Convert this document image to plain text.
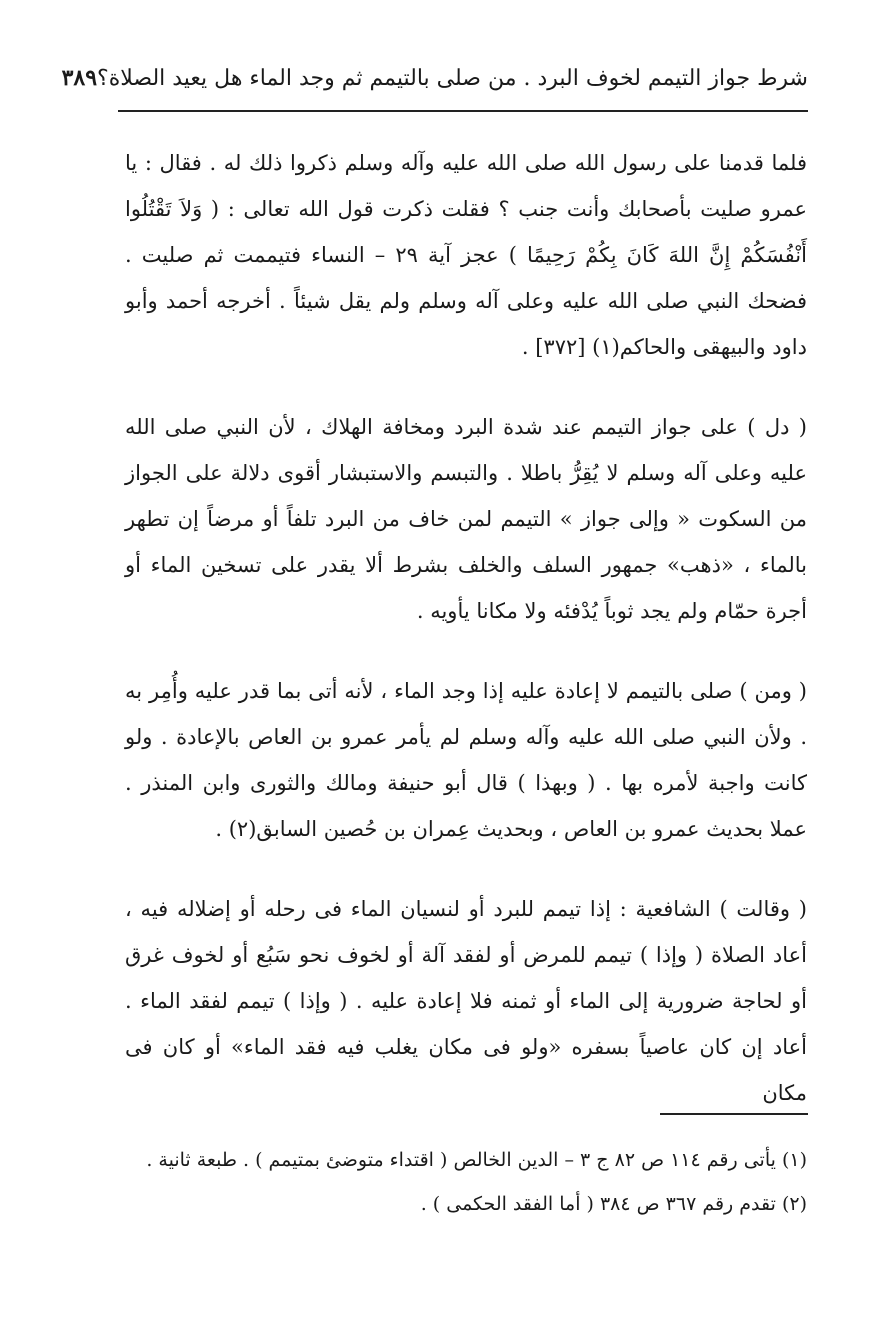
شرط جواز التيمم لخوف البرد . من صلى بالتيمم ثم وجد الماء هل يعيد الصلاة؟
٣٨٩

فلما قدمنا على رسول الله صلى الله عليه وآله وسلم ذكروا ذلك له . فقال : يا عمرو صليت بأصحابك وأنت جنب ؟ فقلت ذكرت قول الله تعالى : ( وَلاَ تَقْتُلُوا أَنْفُسَكُمْ إِنَّ اللهَ كَانَ بِكُمْ رَحِيمًا ) عجز آية ٢٩ – النساء فتيممت ثم صليت . فضحك النبي صلى الله عليه وعلى آله وسلم ولم يقل شيئاً . أخرجه أحمد وأبو داود والبيهقى والحاكم(١) [٣٧٢] .

( دل ) على جواز التيمم عند شدة البرد ومخافة الهلاك ، لأن النبي صلى الله عليه وعلى آله وسلم لا يُقِرُّ باطلا . والتبسم والاستبشار أقوى دلالة على الجواز من السكوت « وإلى جواز » التيمم لمن خاف من البرد تلفاً أو مرضاً إن تطهر بالماء ، «ذهب» جمهور السلف والخلف بشرط ألا يقدر على تسخين الماء أو أجرة حمّام ولم يجد ثوباً يُدْفئه ولا مكانا يأويه .

( ومن ) صلى بالتيمم لا إعادة عليه إذا وجد الماء ، لأنه أتى بما قدر عليه وأُمِر به . ولأن النبي صلى الله عليه وآله وسلم لم يأمر عمرو بن العاص بالإعادة . ولو كانت واجبة لأمره بها . ( وبهذا ) قال أبو حنيفة ومالك والثورى وابن المنذر . عملا بحديث عمرو بن العاص ، وبحديث عِمران بن حُصين السابق(٢) .

( وقالت ) الشافعية : إذا تيمم للبرد أو لنسيان الماء فى رحله أو إضلاله فيه ، أعاد الصلاة ( وإذا ) تيمم للمرض أو لفقد آلة أو لخوف نحو سَبُع أو لخوف غرق أو لحاجة ضرورية إلى الماء أو ثمنه فلا إعادة عليه . ( وإذا ) تيمم لفقد الماء . أعاد إن كان عاصياً بسفره «ولو فى مكان يغلب فيه فقد الماء» أو كان فى مكان

(١) يأتى رقم ١١٤ ص ٨٢ ج ٣ – الدين الخالص ( اقتداء متوضئ بمتيمم ) . طبعة ثانية .

(٢) تقدم رقم ٣٦٧ ص ٣٨٤ ( أما الفقد الحكمى ) .
